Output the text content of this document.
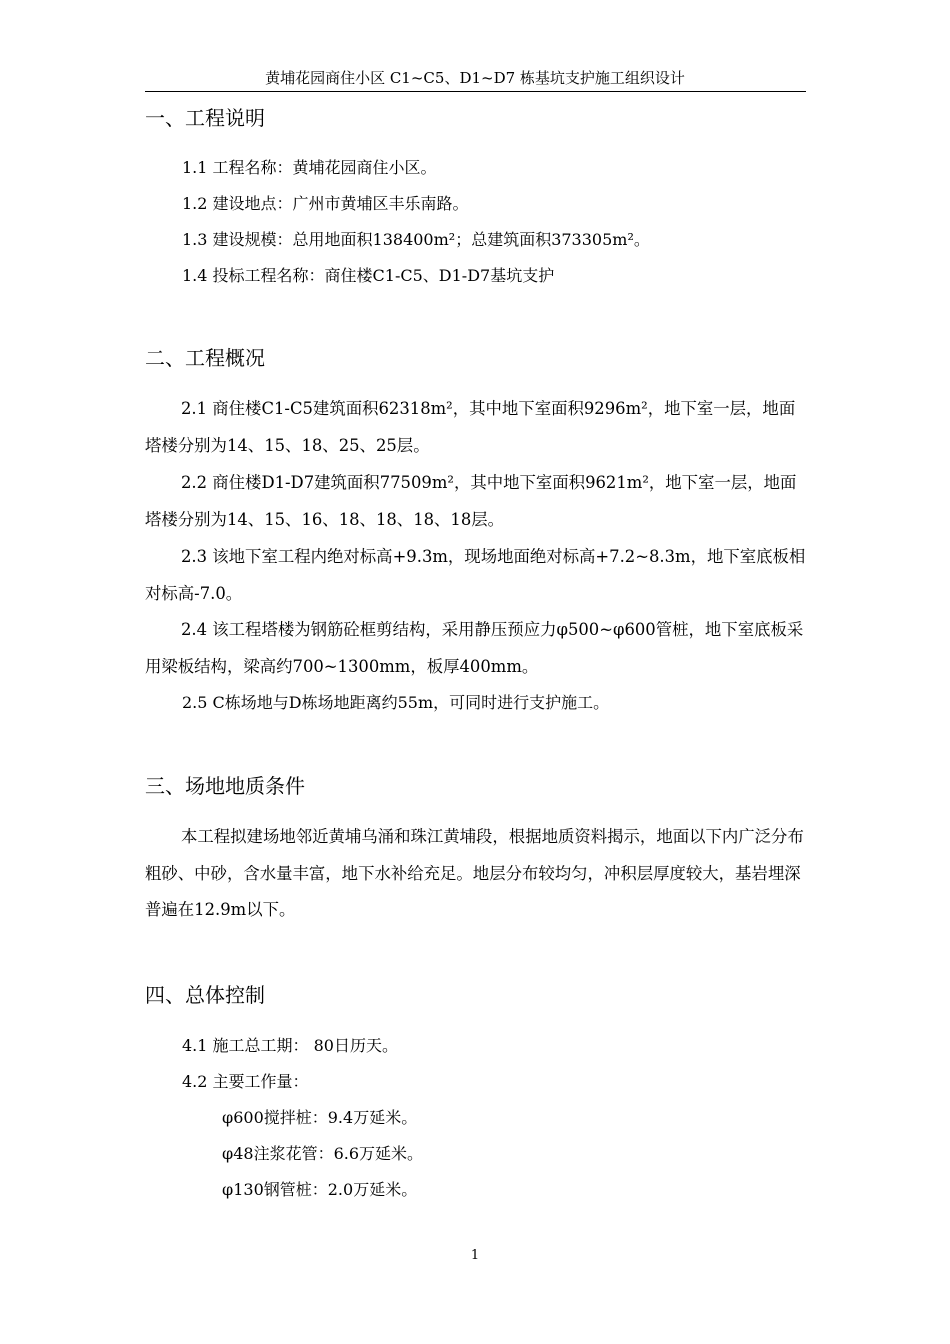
黄埔花园商住小区 C1~C5、D1~D7 栋基坑支护施工组织设计
一、工程说明
1.1 工程名称：黄埔花园商住小区。
1.2 建设地点：广州市黄埔区丰乐南路。
1.3 建设规模：总用地面积138400m²；总建筑面积373305m²。
1.4 投标工程名称：商住楼C1-C5、D1-D7基坑支护
二、工程概况
2.1 商住楼C1-C5建筑面积62318m²，其中地下室面积9296m²，地下室一层，地面塔楼分别为14、15、18、25、25层。
2.2 商住楼D1-D7建筑面积77509m²，其中地下室面积9621m²，地下室一层，地面塔楼分别为14、15、16、18、18、18、18层。
2.3 该地下室工程内绝对标高+9.3m，现场地面绝对标高+7.2~8.3m，地下室底板相对标高-7.0。
2.4 该工程塔楼为钢筋砼框剪结构，采用静压预应力φ500~φ600管桩，地下室底板采用梁板结构，梁高约700~1300mm，板厚400mm。
2.5 C栋场地与D栋场地距离约55m，可同时进行支护施工。
三、场地地质条件
本工程拟建场地邻近黄埔乌涌和珠江黄埔段，根据地质资料揭示，地面以下内广泛分布粗砂、中砂，含水量丰富，地下水补给充足。地层分布较均匀，冲积层厚度较大，基岩埋深普遍在12.9m以下。
四、总体控制
4.1 施工总工期： 80日历天。
4.2 主要工作量：
φ600搅拌桩：9.4万延米。
φ48注浆花管：6.6万延米。
φ130钢管桩：2.0万延米。
1
